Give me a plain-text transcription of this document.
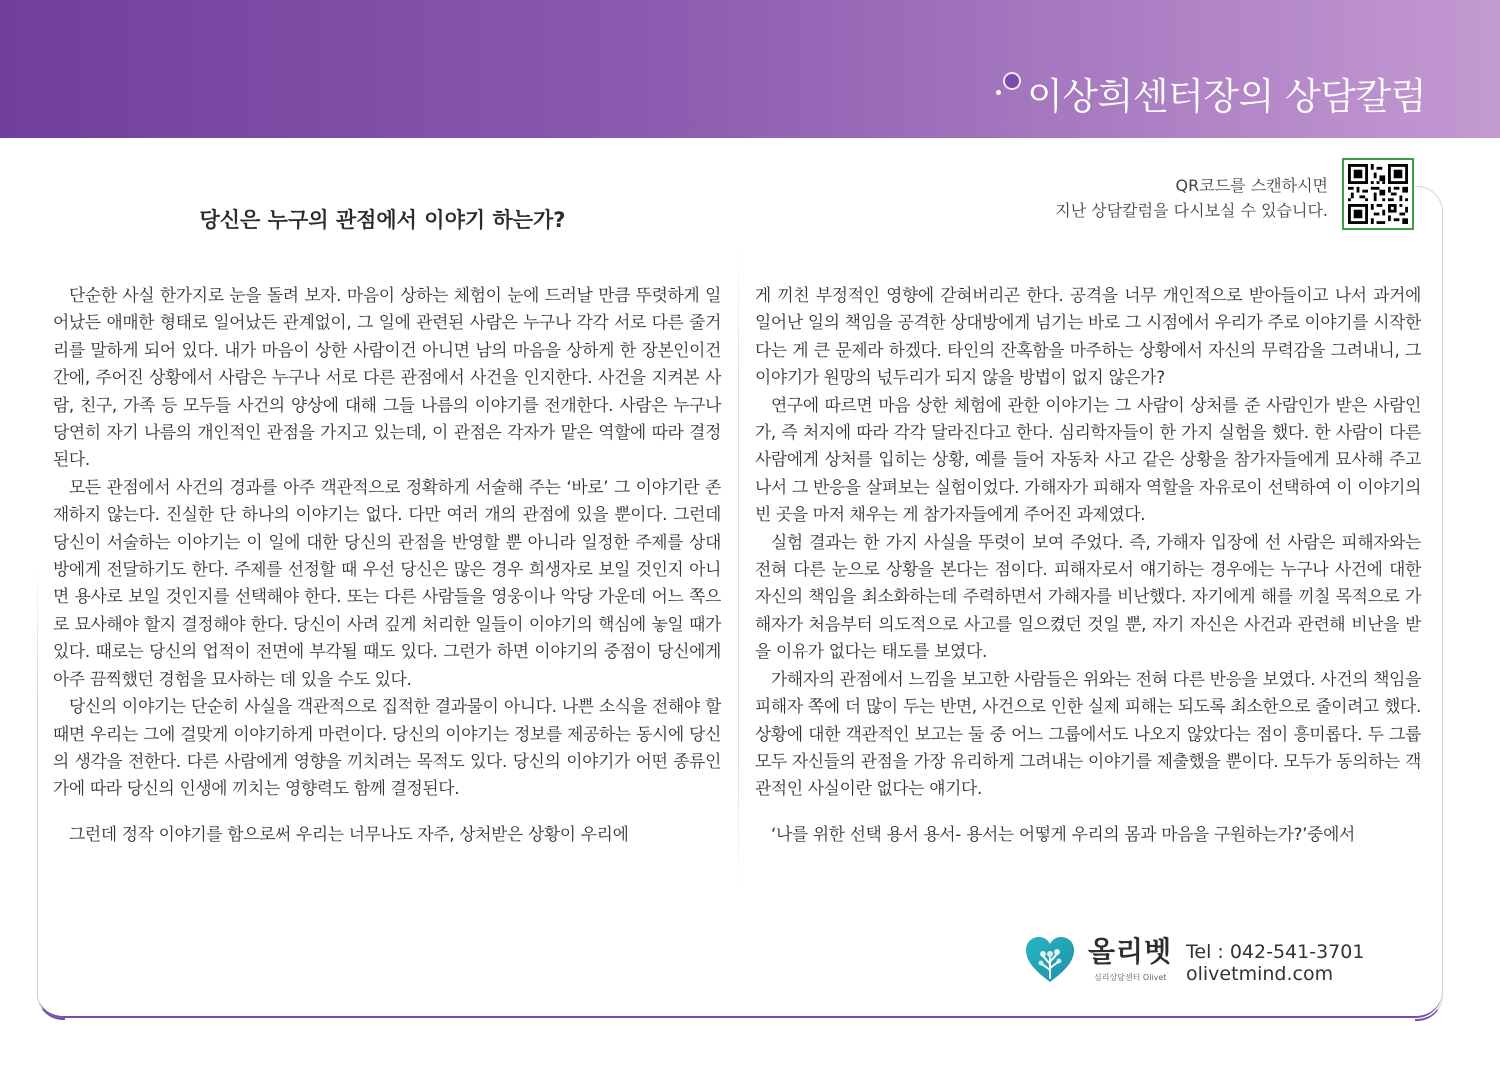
이상희센터장의 상담칼럼
당신은 누구의 관점에서 이야기 하는가?
QR코드를 스캔하시면
지난 상담칼럼을 다시보실 수 있습니다.

단순한 사실 한가지로 눈을 돌려 보자. 마음이 상하는 체험이 눈에 드러날 만큼 뚜렷하게 일어났든 애매한 형태로 일어났든 관계없이, 그 일에 관련된 사람은 누구나 각각 서로 다른 줄거리를 말하게 되어 있다. 내가 마음이 상한 사람이건 아니면 남의 마음을 상하게 한 장본인이건 간에, 주어진 상황에서 사람은 누구나 서로 다른 관점에서 사건을 인지한다. 사건을 지켜본 사람, 친구, 가족 등 모두들 사건의 양상에 대해 그들 나름의 이야기를 전개한다. 사람은 누구나 당연히 자기 나름의 개인적인 관점을 가지고 있는데, 이 관점은 각자가 맡은 역할에 따라 결정된다.

모든 관점에서 사건의 경과를 아주 객관적으로 정확하게 서술해 주는 ‘바로’ 그 이야기란 존재하지 않는다. 진실한 단 하나의 이야기는 없다. 다만 여러 개의 관점에 있을 뿐이다. 그런데 당신이 서술하는 이야기는 이 일에 대한 당신의 관점을 반영할 뿐 아니라 일정한 주제를 상대방에게 전달하기도 한다. 주제를 선정할 때 우선 당신은 많은 경우 희생자로 보일 것인지 아니면 용사로 보일 것인지를 선택해야 한다. 또는 다른 사람들을 영웅이나 악당 가운데 어느 쪽으로 묘사해야 할지 결정해야 한다. 당신이 사려 깊게 처리한 일들이 이야기의 핵심에 놓일 때가 있다. 때로는 당신의 업적이 전면에 부각될 때도 있다. 그런가 하면 이야기의 중점이 당신에게 아주 끔찍했던 경험을 묘사하는 데 있을 수도 있다.

당신의 이야기는 단순히 사실을 객관적으로 집적한 결과물이 아니다. 나쁜 소식을 전해야 할 때면 우리는 그에 걸맞게 이야기하게 마련이다. 당신의 이야기는 정보를 제공하는 동시에 당신의 생각을 전한다. 다른 사람에게 영향을 끼치려는 목적도 있다. 당신의 이야기가 어떤 종류인가에 따라 당신의 인생에 끼치는 영향력도 함께 결정된다.

그런데 정작 이야기를 함으로써 우리는 너무나도 자주, 상처받은 상황이 우리에

게 끼친 부정적인 영향에 갇혀버리곤 한다. 공격을 너무 개인적으로 받아들이고 나서 과거에 일어난 일의 책임을 공격한 상대방에게 넘기는 바로 그 시점에서 우리가 주로 이야기를 시작한다는 게 큰 문제라 하겠다. 타인의 잔혹함을 마주하는 상황에서 자신의 무력감을 그려내니, 그 이야기가 원망의 넋두리가 되지 않을 방법이 없지 않은가?

연구에 따르면 마음 상한 체험에 관한 이야기는 그 사람이 상처를 준 사람인가 받은 사람인가, 즉 처지에 따라 각각 달라진다고 한다. 심리학자들이 한 가지 실험을 했다. 한 사람이 다른 사람에게 상처를 입히는 상황, 예를 들어 자동차 사고 같은 상황을 참가자들에게 묘사해 주고 나서 그 반응을 살펴보는 실험이었다. 가해자가 피해자 역할을 자유로이 선택하여 이 이야기의 빈 곳을 마저 채우는 게 참가자들에게 주어진 과제였다.

실험 결과는 한 가지 사실을 뚜렷이 보여 주었다. 즉, 가해자 입장에 선 사람은 피해자와는 전혀 다른 눈으로 상황을 본다는 점이다. 피해자로서 얘기하는 경우에는 누구나 사건에 대한 자신의 책임을 최소화하는데 주력하면서 가해자를 비난했다. 자기에게 해를 끼칠 목적으로 가해자가 처음부터 의도적으로 사고를 일으켰던 것일 뿐, 자기 자신은 사건과 관련해 비난을 받을 이유가 없다는 태도를 보였다.

가해자의 관점에서 느낌을 보고한 사람들은 위와는 전혀 다른 반응을 보였다. 사건의 책임을 피해자 쪽에 더 많이 두는 반면, 사건으로 인한 실제 피해는 되도록 최소한으로 줄이려고 했다. 상황에 대한 객관적인 보고는 둘 중 어느 그룹에서도 나오지 않았다는 점이 흥미롭다. 두 그룹 모두 자신들의 관점을 가장 유리하게 그려내는 이야기를 제출했을 뿐이다. 모두가 동의하는 객관적인 사실이란 없다는 얘기다.

‘나를 위한 선택 용서 용서- 용서는 어떻게 우리의 몸과 마음을 구원하는가?’중에서

올리벳
심리상담센터 Olivet
Tel : 042-541-3701
olivetmind.com
